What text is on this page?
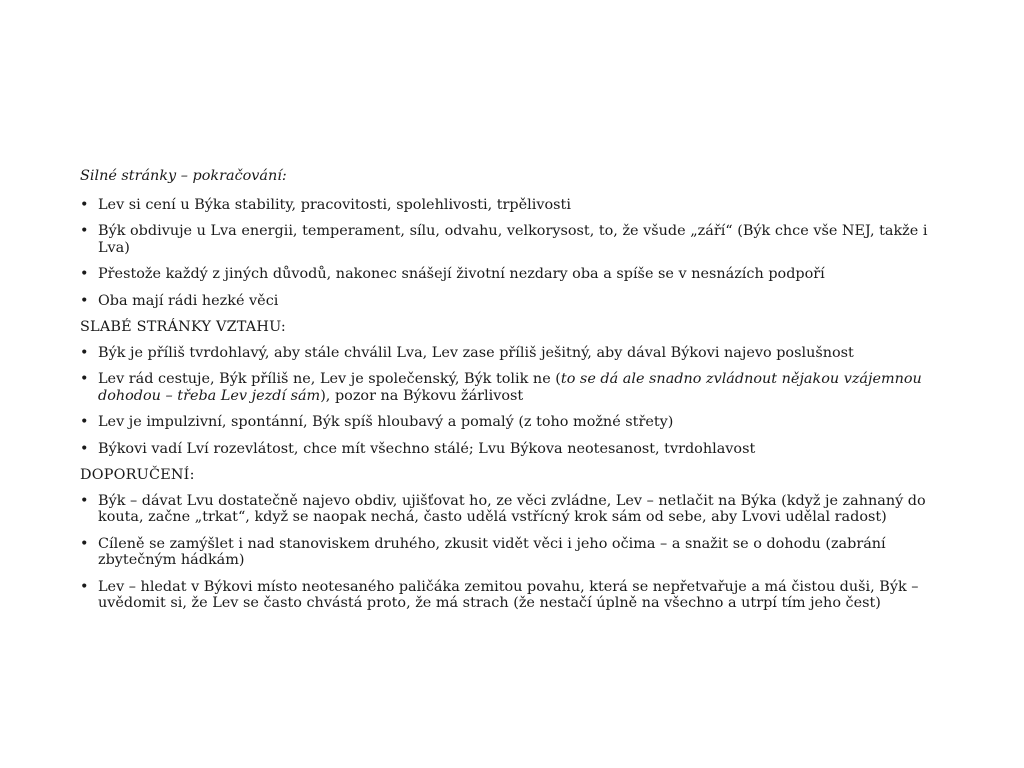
Silné stránky – pokračování:

• Lev si cení u Býka stability, pracovitosti, spolehlivosti, trpělivosti
• Býk obdivuje u Lva energii, temperament, sílu, odvahu, velkorysost, to, že všude „září“ (Býk chce vše NEJ, takže i Lva)
• Přestože každý z jiných důvodů, nakonec snášejí životní nezdary oba a spíše se v nesnázích podpoří
• Oba mají rádi hezké věci

SLABÉ STRÁNKY VZTAHU:

• Býk je příliš tvrdohlavý, aby stále chválil Lva, Lev zase příliš ješitný, aby dával Býkovi najevo poslušnost
• Lev rád cestuje, Býk příliš ne, Lev je společenský, Býk tolik ne (to se dá ale snadno zvládnout nějakou vzájemnou dohodou – třeba Lev jezdí sám), pozor na Býkovu žárlivost
• Lev je impulzivní, spontánní, Býk spíš hloubavý a pomalý (z toho možné střety)
• Býkovi vadí Lví rozevlátost, chce mít všechno stálé; Lvu Býkova neotesanost, tvrdohlavost

DOPORUČENÍ:

• Býk – dávat Lvu dostatečně najevo obdiv, ujišťovat ho, ze věci zvládne, Lev – netlačit na Býka (když je zahnaný do kouta, začne „trkat“, když se naopak nechá, často udělá vstřícný krok sám od sebe, aby Lvovi udělal radost)
• Cíleně se zamýšlet i nad stanoviskem druhého, zkusit vidět věci i jeho očima – a snažit se o dohodu (zabrání zbytečným hádkám)
• Lev – hledat v Býkovi místo neotesaného paličáka zemitou povahu, která se nepřetvařuje a má čistou duši, Býk – uvědomit si, že Lev se často chvástá proto, že má strach (že nestačí úplně na všechno a utrpí tím jeho čest)
